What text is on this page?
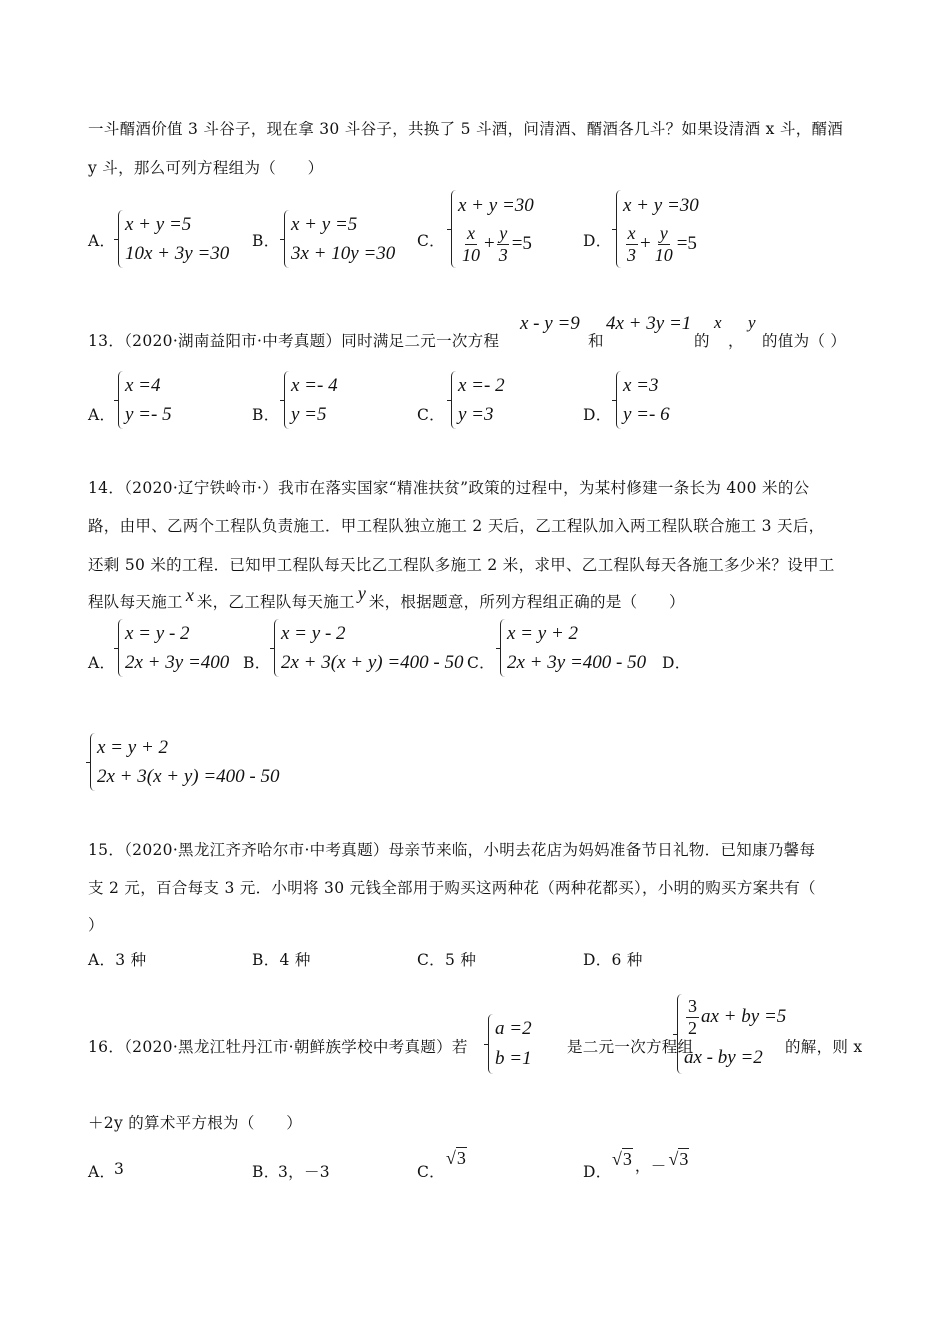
一斗醑酒价值 3 斗谷子，现在拿 30 斗谷子，共换了 5 斗酒，问清酒、醑酒各几斗？如果设清酒 x 斗，醑酒
y 斗，那么可列方程组为（　　）
A．
x + y =5
10x + 3y =30
B．
x + y =5
3x + 10y =30
C．
x + y =30
$\frac{x}{10} + \frac{y}{3} =5$	D．
x + y =30
$\frac{x}{3} + \frac{y}{10} =5$
13．（2020·湖南益阳市·中考真题）同时满足二元一次方程
x - y =9
和
4x + 3y =1
的
x
，
y
的值为（ ）
A．
x =4
y =- 5	B．
x =- 4
y =5	C．
x =- 2
y =3	D．
x =3
y =- 6
14．（2020·辽宁铁岭市·）我市在落实国家“精准扶贫”政策的过程中，为某村修建一条长为 400 米的公
路，由甲、乙两个工程队负责施工．甲工程队独立施工 2 天后，乙工程队加入两工程队联合施工 3 天后，
还剩 50 米的工程．已知甲工程队每天比乙工程队多施工 2 米，求甲、乙工程队每天各施工多少米？设甲工
程队每天施工 x 米，乙工程队每天施工 y 米，根据题意，所列方程组正确的是（　　）
A．
x = y - 2
2x + 3y =400 B．
x = y - 2
2x + 3(x + y) =400 - 50 C．
x = y + 2
2x + 3y =400 - 50 D．
x = y + 2
2x + 3(x + y) =400 - 50
15．（2020·黑龙江齐齐哈尔市·中考真题）母亲节来临，小明去花店为妈妈准备节日礼物．已知康乃馨每
支 2 元，百合每支 3 元．小明将 30 元钱全部用于购买这两种花（两种花都买），小明的购买方案共有（
）
A．3 种	B．4 种	C．5 种	D．6 种
16．（2020·黑龙江牡丹江市·朝鲜族学校中考真题）若
a =2
b =1
是二元一次方程组
$\frac{3}{2}$ ax + by =5
ax - by =2	的解，则 x
＋2y 的算术平方根为（　　）
A．
3	B．
3，－3	C．
√3
D．
√3 ，－ √3
